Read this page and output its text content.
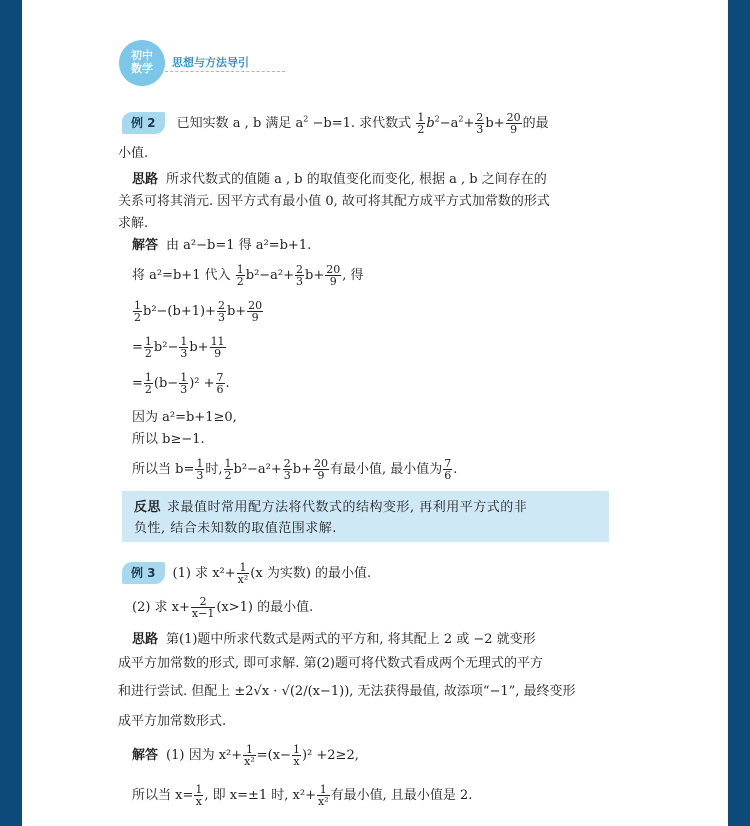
初中
数学	思想与方法导引
例 2 已知实数 a , b 满足 $a^2 -b=1$. 求代数式 $\frac{1}{2} b^2-a^2+ \frac{2}{3} b+ \frac{20}{9}$ 的最
小值.
思路 所求代数式的值随 a , b 的取值变化而变化, 根据 a , b 之间存在的
关系可将其消元. 因平方式有最小值 0, 故可将其配方成平方式加常数的形式
求解.
解答 由 a²−b=1 得 a²=b+1.
将 a²=b+1 代入 $\frac{1}{2} b^2-a^2+ \frac{2}{3} b+ \frac{20}{9}$ , 得
$\frac{1}{2} b^2-(b+1)+ \frac{2}{3} b+ \frac{20}{9}$
= $\frac{1}{2} b^2- \frac{1}{3} b+ \frac{11}{9}$
= $\frac{1}{2} (b- \frac{1}{3} )^2 + \frac{7}{6}$ .
因为 a²=b+1≥0,
所以 b≥−1.
所以当 $b= \frac{1}{3}$ 时, $\frac{1}{2} b^2-a^2+ \frac{2}{3} b+ \frac{20}{9}$ 有最小值, 最小值为 $\frac{7}{6}$ .
反思 求最值时常用配方法将代数式的结构变形, 再利用平方式的非
负性, 结合未知数的取值范围求解.
例 3 (1) 求 $x^2+ \frac{1}{\text{x²}} (x$ 为实数) 的最小值.
(2) 求 $x+ \frac{2}{x-1} (x>1)$ 的最小值.
思路 第(1)题中所求代数式是两式的平方和, 将其配上 2 或 −2 就变形
成平方加常数的形式, 即可求解. 第(2)题可将代数式看成两个无理式的平方
和进行尝试. 但配上 ±2√x · √(2/(x−1)), 无法获得最值, 故添项“−1”, 最终变形
成平方加常数形式.
解答 (1) 因为 $x^2+ \frac{1}{\text{x²}} =(x- \frac{1}{x} )^2 +2\ge 2$,
所以当 $x= \frac{1}{x}$ , 即 x=±1 时, $x^2+ \frac{1}{\text{x²}}$ 有最小值, 且最小值是 2.
